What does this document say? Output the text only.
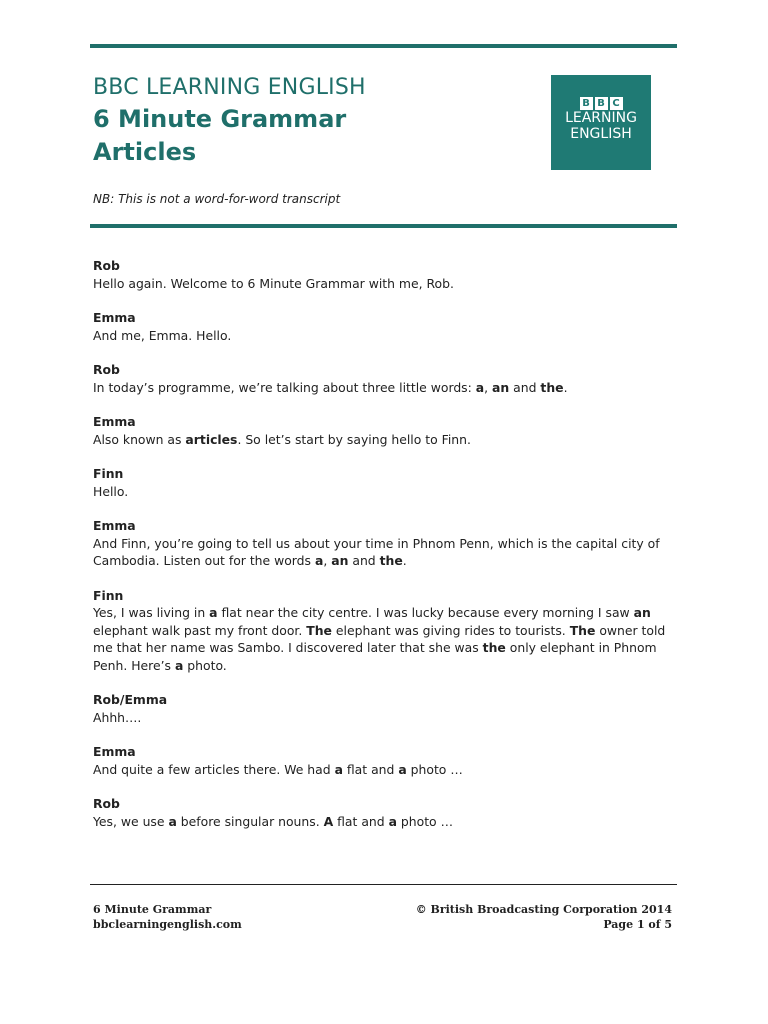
BBC LEARNING ENGLISH
6 Minute Grammar
Articles
B B C
LEARNING
ENGLISH
NB: This is not a word-for-word transcript
Rob
Hello again. Welcome to 6 Minute Grammar with me, Rob.
Emma
And me, Emma. Hello.
Rob
In today’s programme, we’re talking about three little words: a, an and the.
Emma
Also known as articles. So let’s start by saying hello to Finn.
Finn
Hello.
Emma
And Finn, you’re going to tell us about your time in Phnom Penn, which is the capital city of Cambodia. Listen out for the words a, an and the.
Finn
Yes, I was living in a flat near the city centre. I was lucky because every morning I saw an elephant walk past my front door. The elephant was giving rides to tourists. The owner told me that her name was Sambo. I discovered later that she was the only elephant in Phnom Penh. Here’s a photo.
Rob/Emma
Ahhh….
Emma
And quite a few articles there. We had a flat and a photo …
Rob
Yes, we use a before singular nouns. A flat and a photo …
6 Minute Grammar
bbclearningenglish.com
© British Broadcasting Corporation 2014
Page 1 of 5
